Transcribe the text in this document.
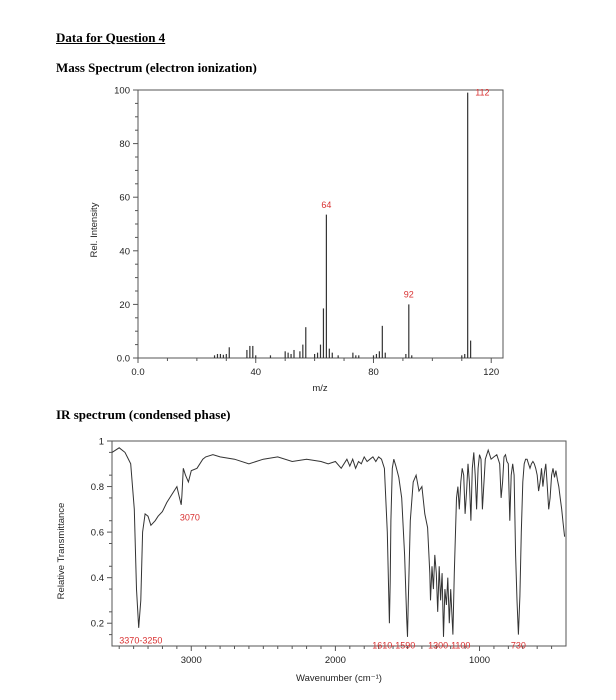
Data for Question 4
Mass Spectrum (electron ionization)
IR spectrum (condensed phase)
0.0
20
40
60
80
100
0.0	40	80	120
64
92
112
Rel. Intensity
m/z
0.2
0.4
0.6
0.8
1
3000	2000	1000
3070
3370-3250	1610-1590 1300-1100	730
Relative Transmittance
Wavenumber (cm⁻¹)
